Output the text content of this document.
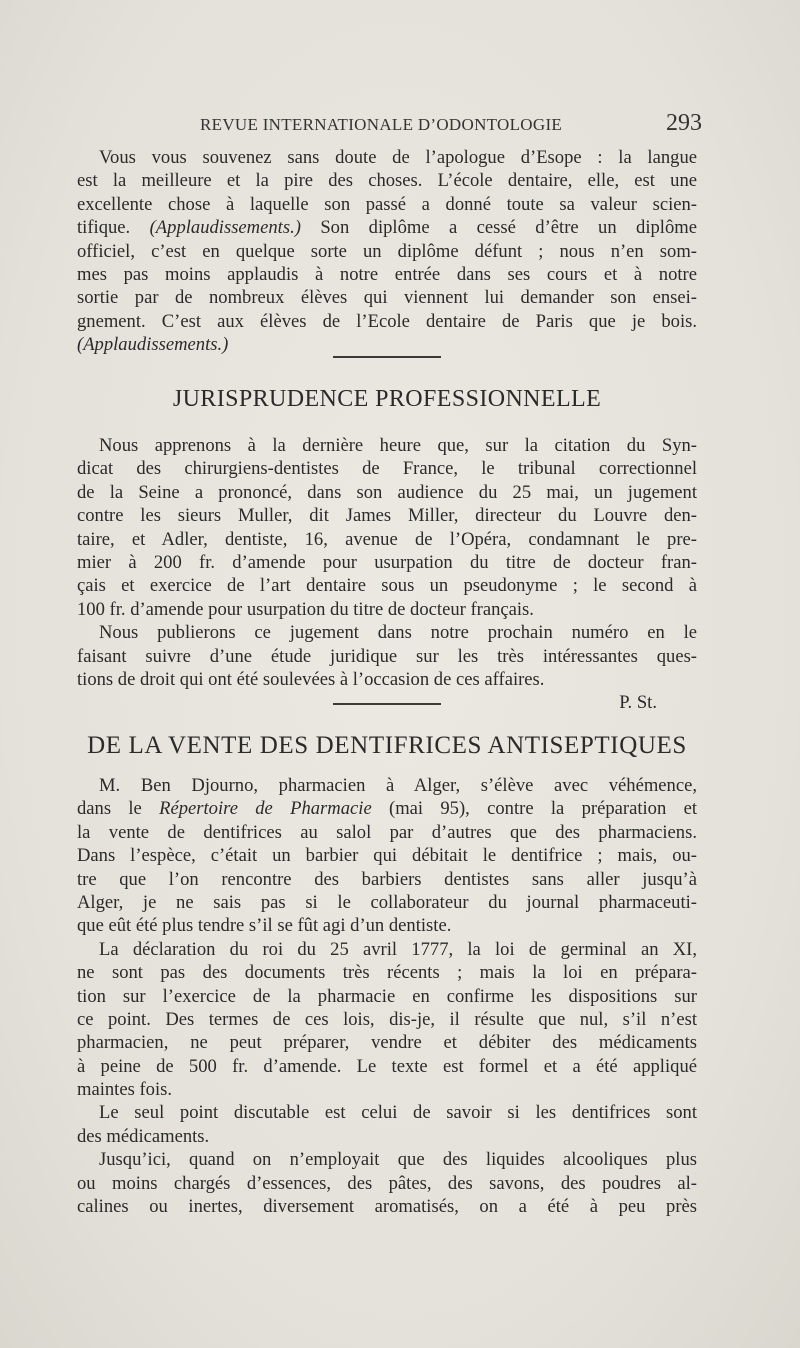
REVUE INTERNATIONALE D’ODONTOLOGIE	293
Vous vous souvenez sans doute de l’apologue d’Esope : la langue
est la meilleure et la pire des choses. L’école dentaire, elle, est une
excellente chose à laquelle son passé a donné toute sa valeur scien-
tifique. (Applaudissements.) Son diplôme a cessé d’être un diplôme
officiel, c’est en quelque sorte un diplôme défunt ; nous n’en som-
mes pas moins applaudis à notre entrée dans ses cours et à notre
sortie par de nombreux élèves qui viennent lui demander son ensei-
gnement. C’est aux élèves de l’Ecole dentaire de Paris que je bois.
(Applaudissements.)
JURISPRUDENCE PROFESSIONNELLE
Nous apprenons à la dernière heure que, sur la citation du Syn-
dicat des chirurgiens-dentistes de France, le tribunal correctionnel
de la Seine a prononcé, dans son audience du 25 mai, un jugement
contre les sieurs Muller, dit James Miller, directeur du Louvre den-
taire, et Adler, dentiste, 16, avenue de l’Opéra, condamnant le pre-
mier à 200 fr. d’amende pour usurpation du titre de docteur fran-
çais et exercice de l’art dentaire sous un pseudonyme ; le second à
100 fr. d’amende pour usurpation du titre de docteur français.
Nous publierons ce jugement dans notre prochain numéro en le
faisant suivre d’une étude juridique sur les très intéressantes ques-
tions de droit qui ont été soulevées à l’occasion de ces affaires.
P. St.
DE LA VENTE DES DENTIFRICES ANTISEPTIQUES
M. Ben Djourno, pharmacien à Alger, s’élève avec véhémence,
dans le Répertoire de Pharmacie (mai 95), contre la préparation et
la vente de dentifrices au salol par d’autres que des pharmaciens.
Dans l’espèce, c’était un barbier qui débitait le dentifrice ; mais, ou-
tre que l’on rencontre des barbiers dentistes sans aller jusqu’à
Alger, je ne sais pas si le collaborateur du journal pharmaceuti-
que eût été plus tendre s’il se fût agi d’un dentiste.
La déclaration du roi du 25 avril 1777, la loi de germinal an XI,
ne sont pas des documents très récents ; mais la loi en prépara-
tion sur l’exercice de la pharmacie en confirme les dispositions sur
ce point. Des termes de ces lois, dis-je, il résulte que nul, s’il n’est
pharmacien, ne peut préparer, vendre et débiter des médicaments
à peine de 500 fr. d’amende. Le texte est formel et a été appliqué
maintes fois.
Le seul point discutable est celui de savoir si les dentifrices sont
des médicaments.
Jusqu’ici, quand on n’employait que des liquides alcooliques plus
ou moins chargés d’essences, des pâtes, des savons, des poudres al-
calines ou inertes, diversement aromatisés, on a été à peu près
